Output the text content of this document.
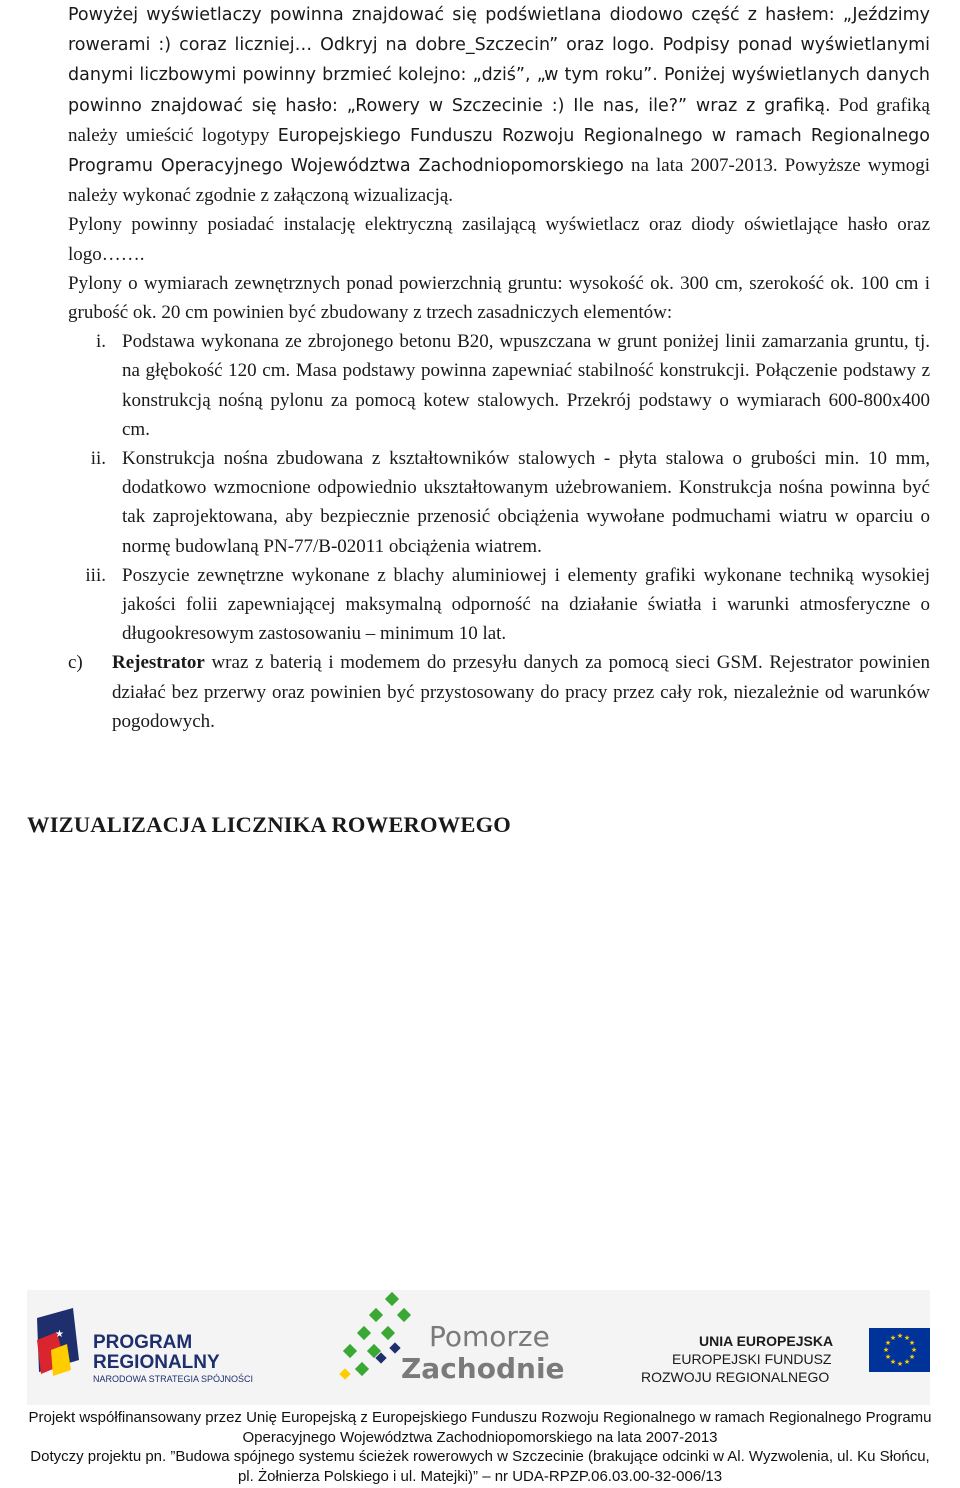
Powyżej wyświetlaczy powinna znajdować się podświetlana diodowo część z hasłem: „Jeździmy rowerami :) coraz liczniej… Odkryj na dobre_Szczecin” oraz logo. Podpisy ponad wyświetlanymi danymi liczbowymi powinny brzmieć kolejno: „dziś”, „w tym roku”. Poniżej wyświetlanych danych powinno znajdować się hasło: „Rowery w Szczecinie :) Ile nas, ile?” wraz z grafiką. Pod grafiką należy umieścić logotypy Europejskiego Funduszu Rozwoju Regionalnego w ramach Regionalnego Programu Operacyjnego Województwa Zachodniopomorskiego na lata 2007-2013. Powyższe wymogi należy wykonać zgodnie z załączoną wizualizacją.
Pylony powinny posiadać instalację elektryczną zasilającą wyświetlacz oraz diody oświetlające hasło oraz logo…….
Pylony o wymiarach zewnętrznych ponad powierzchnią gruntu: wysokość ok. 300 cm, szerokość ok. 100 cm i grubość ok. 20 cm powinien być zbudowany z trzech zasadniczych elementów:
i. Podstawa wykonana ze zbrojonego betonu B20, wpuszczana w grunt poniżej linii zamarzania gruntu, tj. na głębokość 120 cm. Masa podstawy powinna zapewniać stabilność konstrukcji. Połączenie podstawy z konstrukcją nośną pylonu za pomocą kotew stalowych. Przekrój podstawy o wymiarach 600-800x400 cm.
ii. Konstrukcja nośna zbudowana z kształtowników stalowych - płyta stalowa o grubości min. 10 mm, dodatkowo wzmocnione odpowiednio ukształtowanym użebrowaniem. Konstrukcja nośna powinna być tak zaprojektowana, aby bezpiecznie przenosić obciążenia wywołane podmuchami wiatru w oparciu o normę budowlaną PN-77/B-02011 obciążenia wiatrem.
iii. Poszycie zewnętrzne wykonane z blachy aluminiowej i elementy grafiki wykonane techniką wysokiej jakości folii zapewniającej maksymalną odporność na działanie światła i warunki atmosferyczne o długookresowym zastosowaniu – minimum 10 lat.
c)	Rejestrator wraz z baterią i modemem do przesyłu danych za pomocą sieci GSM. Rejestrator powinien działać bez przerwy oraz powinien być przystosowany do pracy przez cały rok, niezależnie od warunków pogodowych.
WIZUALIZACJA LICZNIKA ROWEROWEGO
★ PROGRAM
REGIONALNY
NARODOWA STRATEGIA SPÓJNOŚCI
Pomorze
Zachodnie
UNIA EUROPEJSKA
EUROPEJSKI FUNDUSZ
ROZWOJU REGIONALNEGO
★ ★
★
★
★
★
★
★
★
★
★
★
Projekt współfinansowany przez Unię Europejską z Europejskiego Funduszu Rozwoju Regionalnego w ramach Regionalnego Programu
Operacyjnego Województwa Zachodniopomorskiego na lata 2007-2013
Dotyczy projektu pn. ”Budowa spójnego systemu ścieżek rowerowych w Szczecinie (brakujące odcinki w Al. Wyzwolenia, ul. Ku Słońcu,
pl. Żołnierza Polskiego i ul. Matejki)” – nr UDA-RPZP.06.03.00-32-006/13
